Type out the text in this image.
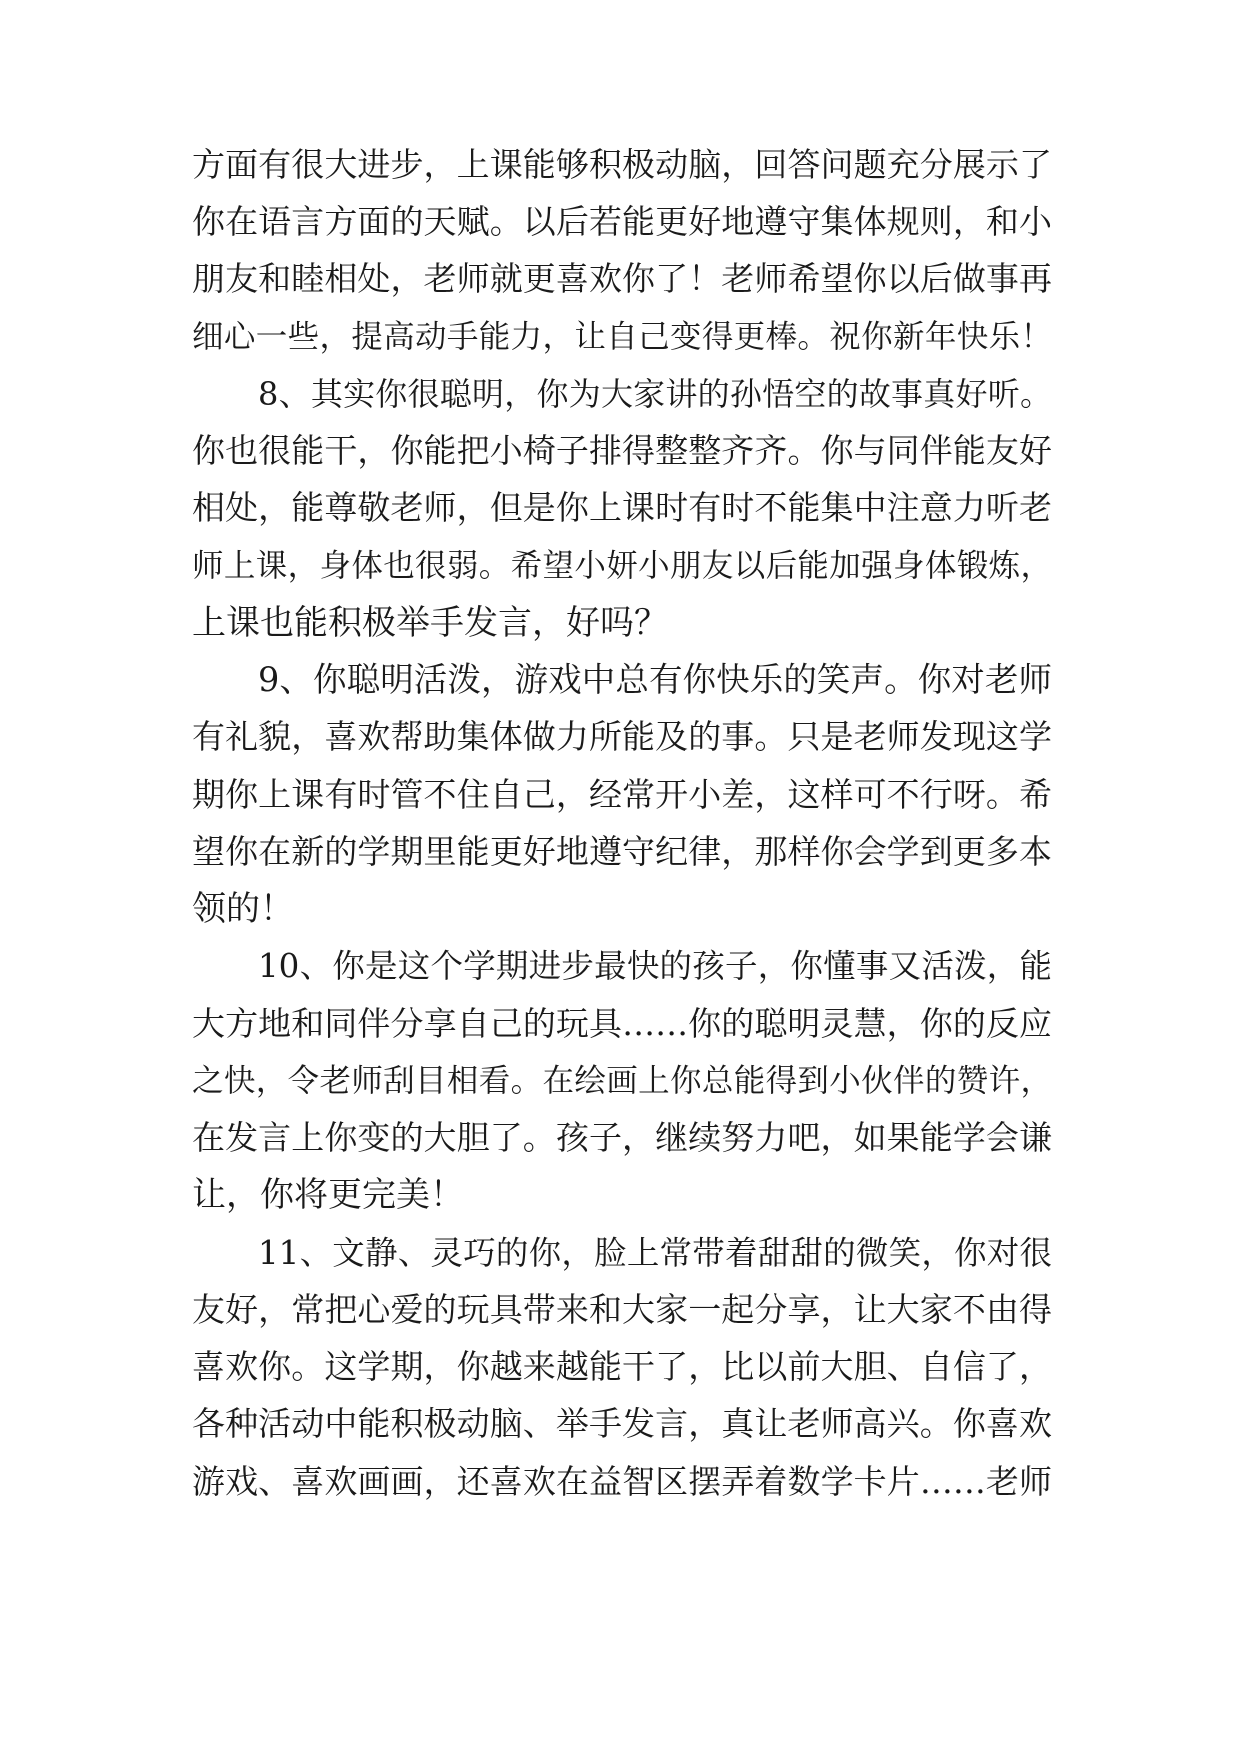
方面有很大进步，上课能够积极动脑，回答问题充分展示了
你在语言方面的天赋。以后若能更好地遵守集体规则，和小
朋友和睦相处，老师就更喜欢你了！老师希望你以后做事再
细心一些，提高动手能力，让自己变得更棒。祝你新年快乐！
8、其实你很聪明，你为大家讲的孙悟空的故事真好听。
你也很能干，你能把小椅子排得整整齐齐。你与同伴能友好
相处，能尊敬老师，但是你上课时有时不能集中注意力听老
师上课，身体也很弱。希望小妍小朋友以后能加强身体锻炼，
上课也能积极举手发言，好吗？
9、你聪明活泼，游戏中总有你快乐的笑声。你对老师
有礼貌，喜欢帮助集体做力所能及的事。只是老师发现这学
期你上课有时管不住自己，经常开小差，这样可不行呀。希
望你在新的学期里能更好地遵守纪律，那样你会学到更多本
领的！
10、你是这个学期进步最快的孩子，你懂事又活泼，能
大方地和同伴分享自己的玩具……你的聪明灵慧，你的反应
之快，令老师刮目相看。在绘画上你总能得到小伙伴的赞许，
在发言上你变的大胆了。孩子，继续努力吧，如果能学会谦
让，你将更完美！
11、文静、灵巧的你，脸上常带着甜甜的微笑，你对很
友好，常把心爱的玩具带来和大家一起分享，让大家不由得
喜欢你。这学期，你越来越能干了，比以前大胆、自信了，
各种活动中能积极动脑、举手发言，真让老师高兴。你喜欢
游戏、喜欢画画，还喜欢在益智区摆弄着数学卡片……老师
